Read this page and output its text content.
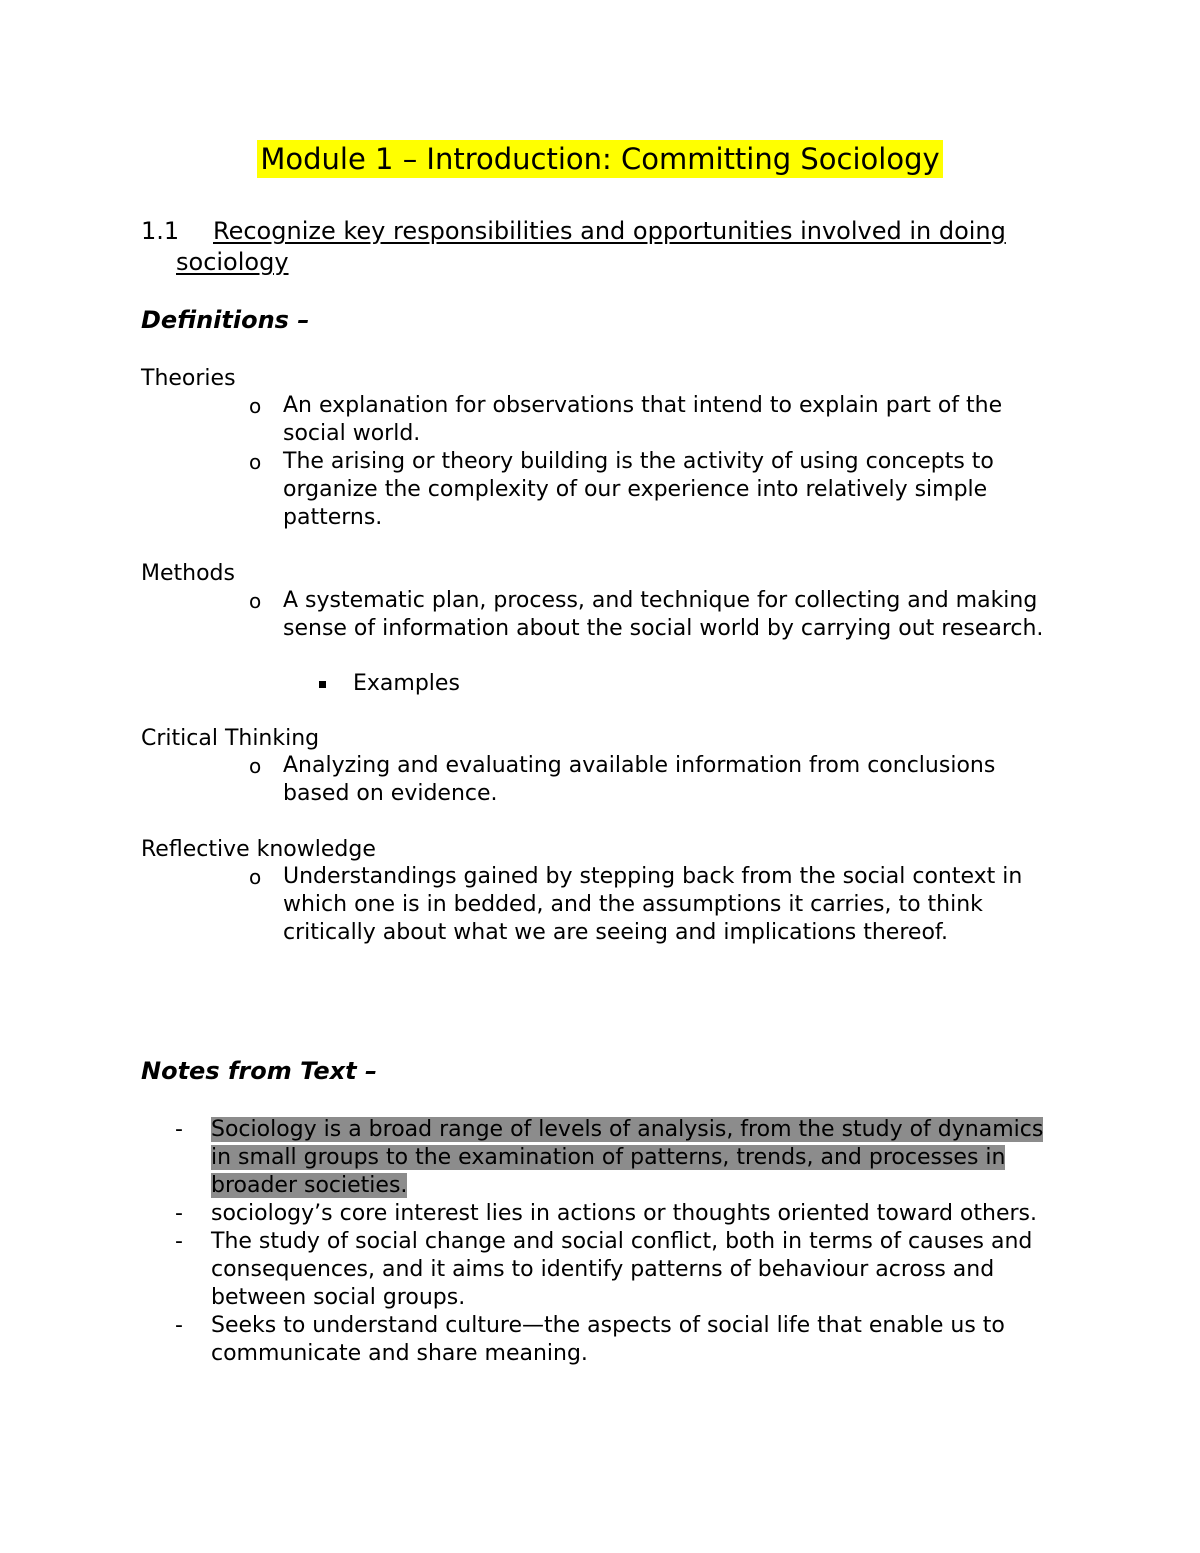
Module 1 – Introduction: Committing Sociology
1.1	Recognize key responsibilities and opportunities involved in doing sociology
Definitions –
Theories
o An explanation for observations that intend to explain part of the social world.
o The arising or theory building is the activity of using concepts to organize the complexity of our experience into relatively simple patterns.
Methods
o A systematic plan, process, and technique for collecting and making sense of information about the social world by carrying out research.
Examples
Critical Thinking
o Analyzing and evaluating available information from conclusions based on evidence.
Reflective knowledge
o Understandings gained by stepping back from the social context in which one is in bedded, and the assumptions it carries, to think critically about what we are seeing and implications thereof.
Notes from Text –
- Sociology is a broad range of levels of analysis, from the study of dynamics in small groups to the examination of patterns, trends, and processes in broader societies.
- sociology’s core interest lies in actions or thoughts oriented toward others.
- The study of social change and social conflict, both in terms of causes and consequences, and it aims to identify patterns of behaviour across and between social groups.
- Seeks to understand culture—the aspects of social life that enable us to communicate and share meaning.
